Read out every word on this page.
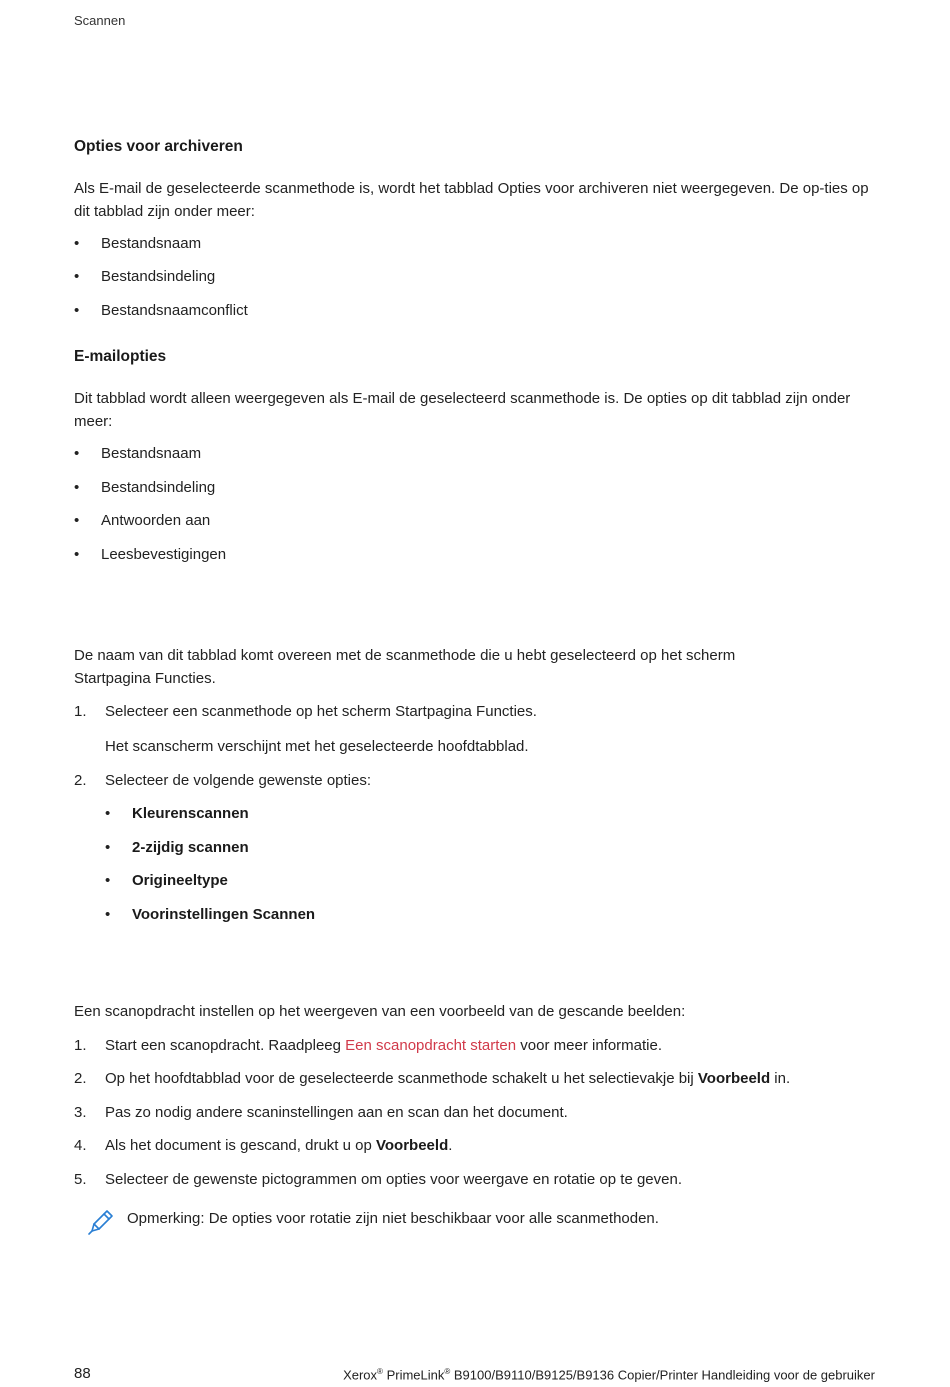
Scannen
Opties voor archiveren
Als E-mail de geselecteerde scanmethode is, wordt het tabblad Opties voor archiveren niet weergegeven. De op-ties op dit tabblad zijn onder meer:
•	Bestandsnaam
•	Bestandsindeling
•	Bestandsnaamconflict
E-mailopties
Dit tabblad wordt alleen weergegeven als E-mail de geselecteerd scanmethode is. De opties op dit tabblad zijn onder meer:
•	Bestandsnaam
•	Bestandsindeling
•	Antwoorden aan
•	Leesbevestigingen
De naam van dit tabblad komt overeen met de scanmethode die u hebt geselecteerd op het scherm Startpagina Functies.
1. Selecteer een scanmethode op het scherm Startpagina Functies.
Het scanscherm verschijnt met het geselecteerde hoofdtabblad.
2. Selecteer de volgende gewenste opties:
• Kleurenscannen
• 2-zijdig scannen
• Origineeltype
• Voorinstellingen Scannen
Een scanopdracht instellen op het weergeven van een voorbeeld van de gescande beelden:
1. Start een scanopdracht. Raadpleeg Een scanopdracht starten voor meer informatie.
2. Op het hoofdtabblad voor de geselecteerde scanmethode schakelt u het selectievakje bij Voorbeeld in.
3. Pas zo nodig andere scaninstellingen aan en scan dan het document.
4. Als het document is gescand, drukt u op Voorbeeld.
5. Selecteer de gewenste pictogrammen om opties voor weergave en rotatie op te geven.
Opmerking: De opties voor rotatie zijn niet beschikbaar voor alle scanmethoden.
88	Xerox® PrimeLink® B9100/B9110/B9125/B9136 Copier/Printer Handleiding voor de gebruiker
